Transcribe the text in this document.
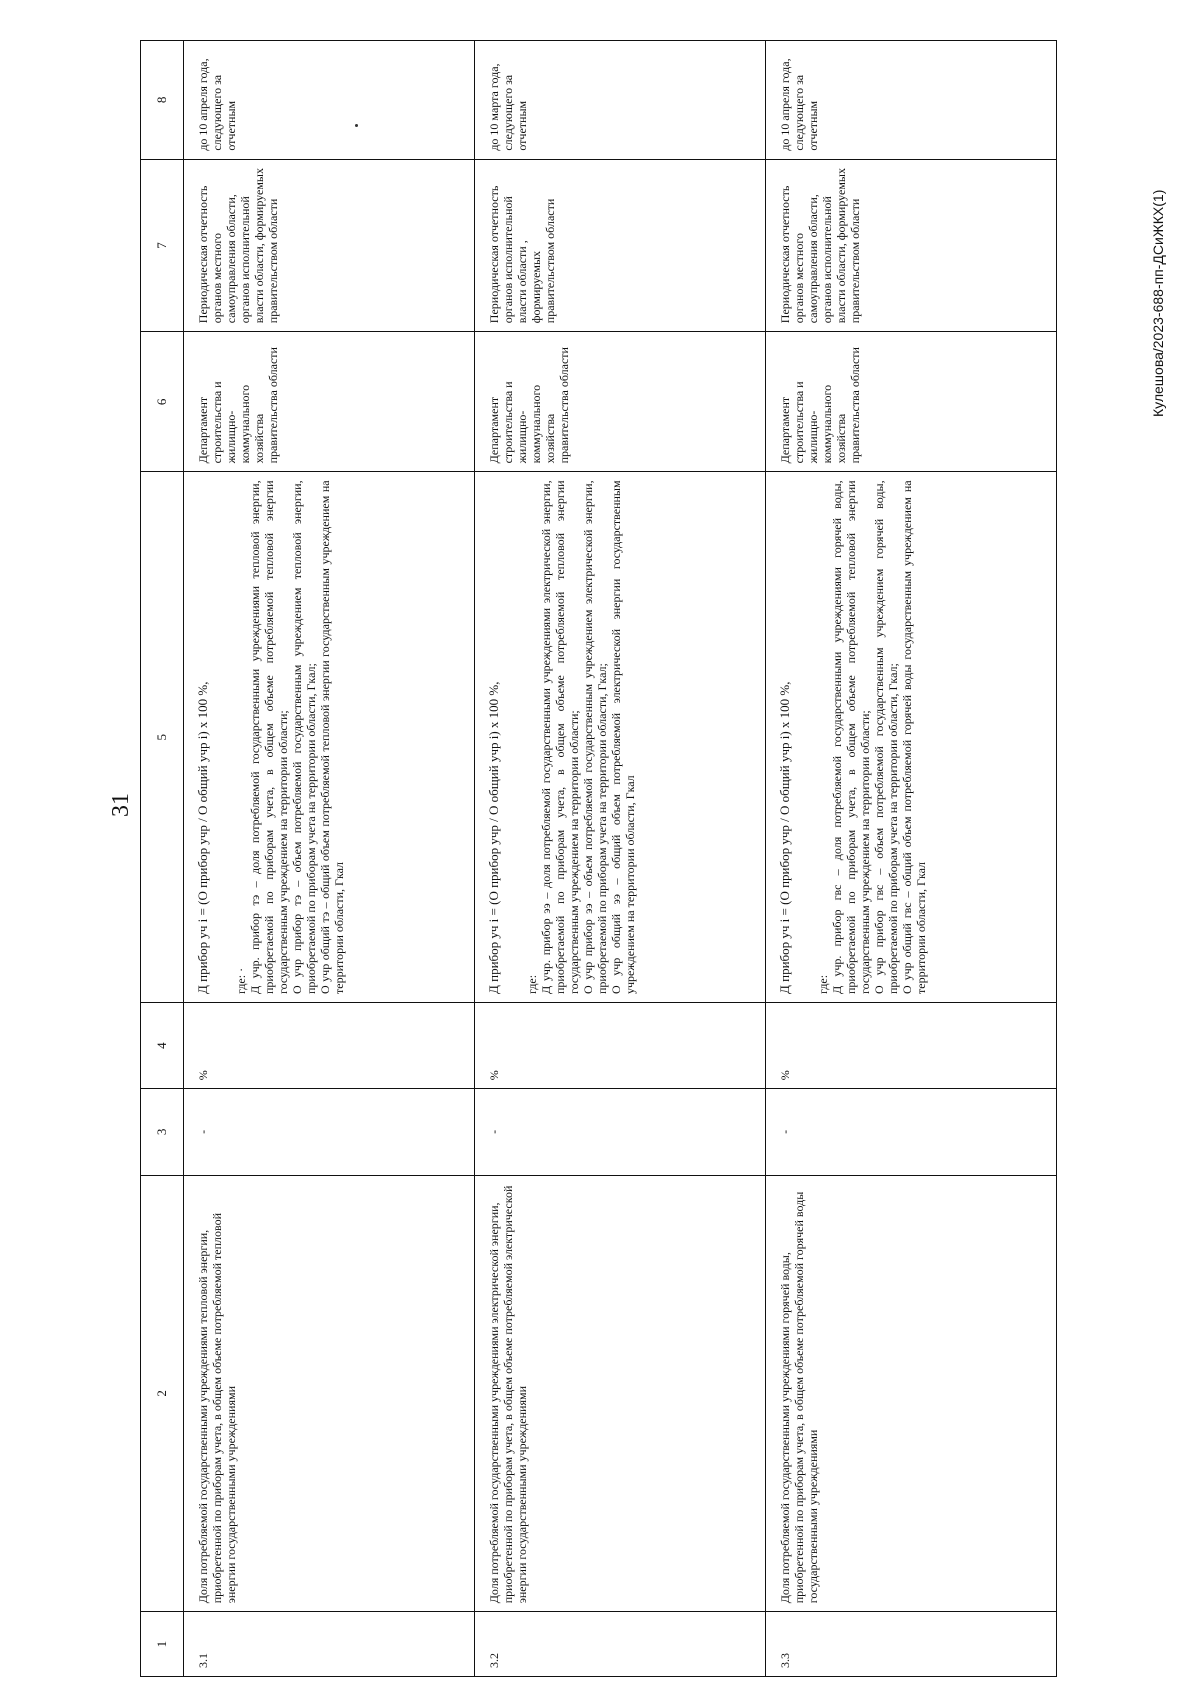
31
1	2	3	4	5	6	7	8
3.1	Доля потребляемой государственными учреждениями тепловой энергии, приобретенной по приборам учета, в общем объеме потребляемой тепловой энергии государственными учреждениями	-	%	Д прибор уч i = (О прибор учр / О общий учр i) x 100 %, где: · Д учр. прибор тэ – доля потребляемой государственными учреждениями тепловой энергии, приобретаемой по приборам учета, в общем объеме потребляемой тепловой энергии государственным учреждением на территории области; О учр прибор тэ – объем потребляемой государственным учреждением тепловой энергии, приобретаемой по приборам учета на территории области, Гкал; О учр общий тэ – общий объем потребляемой тепловой энергии государственным учреждением на территории области, Гкал	Департамент строительства и жилищно-коммунального хозяйства правительства области	Периодическая отчетность органов местного самоуправления области, органов исполнительной власти области, формируемых правительством области	до 10 апреля года, следующего за отчетным
3.2	Доля потребляемой государственными учреждениями электрической энергии, приобретенной по приборам учета, в общем объеме потребляемой электрической энергии государственными учреждениями	-	%	Д прибор уч i = (О прибор учр / О общий учр i) x 100 %, где: Д учр. прибор ээ – доля потребляемой государственными учреждениями электрической энергии, приобретаемой по приборам учета, в общем объеме потребляемой тепловой энергии государственным учреждением на территории области; О учр прибор ээ – объем потребляемой государственным учреждением электрической энергии, приобретаемой по приборам учета на территории области, Гкал; О учр общий ээ – общий объем потребляемой электрической энергии государственным учреждением на территории области, Гкал	Департамент строительства и жилищно-коммунального хозяйства правительства области	Периодическая отчетность органов исполнительной власти области , формируемых правительством области	до 10 марта года, следующего за отчетным
3.3	Доля потребляемой государственными учреждениями горячей воды, приобретенной по приборам учета, в общем объеме потребляемой горячей воды государственными учреждениями	-	%	Д прибор уч i = (О прибор учр / О общий учр i) x 100 %, где: Д учр. прибор гвс – доля потребляемой государственными учреждениями горячей воды, приобретаемой по приборам учета, в общем объеме потребляемой тепловой энергии государственным учреждением на территории области; О учр прибор гвс – объем потребляемой государственным учреждением горячей воды, приобретаемой по приборам учета на территории области, Гкал; О учр общий гвс – общий объем потребляемой горячей воды государственным учреждением на территории области, Гкал	Департамент строительства и жилищно-коммунального хозяйства правительства области	Периодическая отчетность органов местного самоуправления области, органов исполнительной власти области, формируемых правительством области	до 10 апреля года, следующего за отчетным
Кулешова/2023-688-пп-ДСиЖКХ(1)
